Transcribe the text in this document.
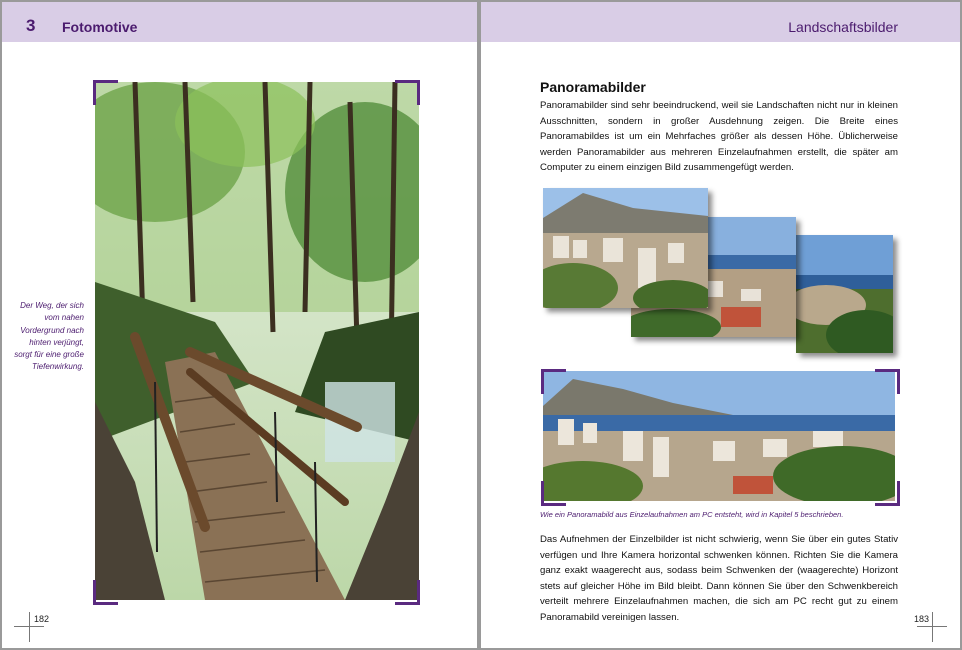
3 Fotomotive
Der Weg, der sich vom nahen Vordergrund nach hinten verjüngt, sorgt für eine große Tiefenwirkung.
182
Landschaftsbilder
Panoramabilder

Panoramabilder sind sehr beeindruckend, weil sie Landschaften nicht nur in kleinen Ausschnitten, sondern in großer Ausdehnung zeigen. Die Breite eines Panoramabildes ist um ein Mehrfaches größer als dessen Höhe. Üblicherweise werden Panoramabilder aus mehreren Einzelaufnahmen erstellt, die später am Computer zu einem einzigen Bild zusammengefügt werden.

Wie ein Panoramabild aus Einzelaufnahmen am PC entsteht, wird in Kapitel 5 beschrieben.

Das Aufnehmen der Einzelbilder ist nicht schwierig, wenn Sie über ein gutes Stativ verfügen und Ihre Kamera horizontal schwenken können. Richten Sie die Kamera ganz exakt waagerecht aus, sodass beim Schwenken der (waagerechte) Horizont stets auf gleicher Höhe im Bild bleibt. Dann können Sie über den Schwenkbereich verteilt mehrere Einzelaufnahmen machen, die sich am PC recht gut zu einem Panoramabild vereinigen lassen.	183
